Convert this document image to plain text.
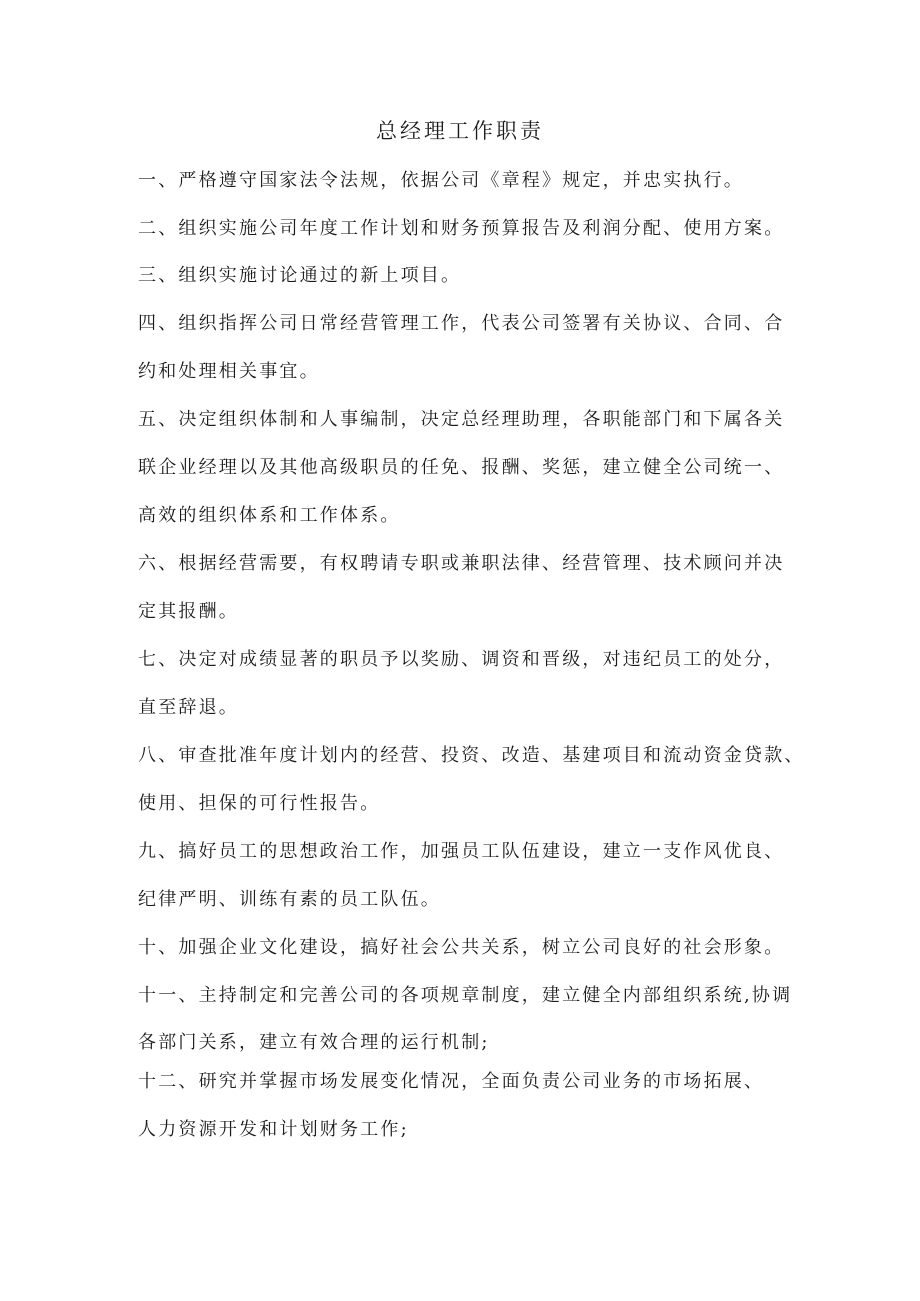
总经理工作职责
一、严格遵守国家法令法规，依据公司《章程》规定，并忠实执行。
二、组织实施公司年度工作计划和财务预算报告及利润分配、使用方案。
三、组织实施讨论通过的新上项目。
四、组织指挥公司日常经营管理工作，代表公司签署有关协议、合同、合
约和处理相关事宜。
五、决定组织体制和人事编制，决定总经理助理，各职能部门和下属各关
联企业经理以及其他高级职员的任免、报酬、奖惩，建立健全公司统一、
高效的组织体系和工作体系。
六、根据经营需要，有权聘请专职或兼职法律、经营管理、技术顾问并决
定其报酬。
七、决定对成绩显著的职员予以奖励、调资和晋级，对违纪员工的处分，
直至辞退。
八、审查批准年度计划内的经营、投资、改造、基建项目和流动资金贷款、
使用、担保的可行性报告。
九、搞好员工的思想政治工作，加强员工队伍建设，建立一支作风优良、
纪律严明、训练有素的员工队伍。
十、加强企业文化建设，搞好社会公共关系，树立公司良好的社会形象。
十一、主持制定和完善公司的各项规章制度，建立健全内部组织系统,协调
各部门关系，建立有效合理的运行机制;
十二、研究并掌握市场发展变化情况，全面负责公司业务的市场拓展、
人力资源开发和计划财务工作;
